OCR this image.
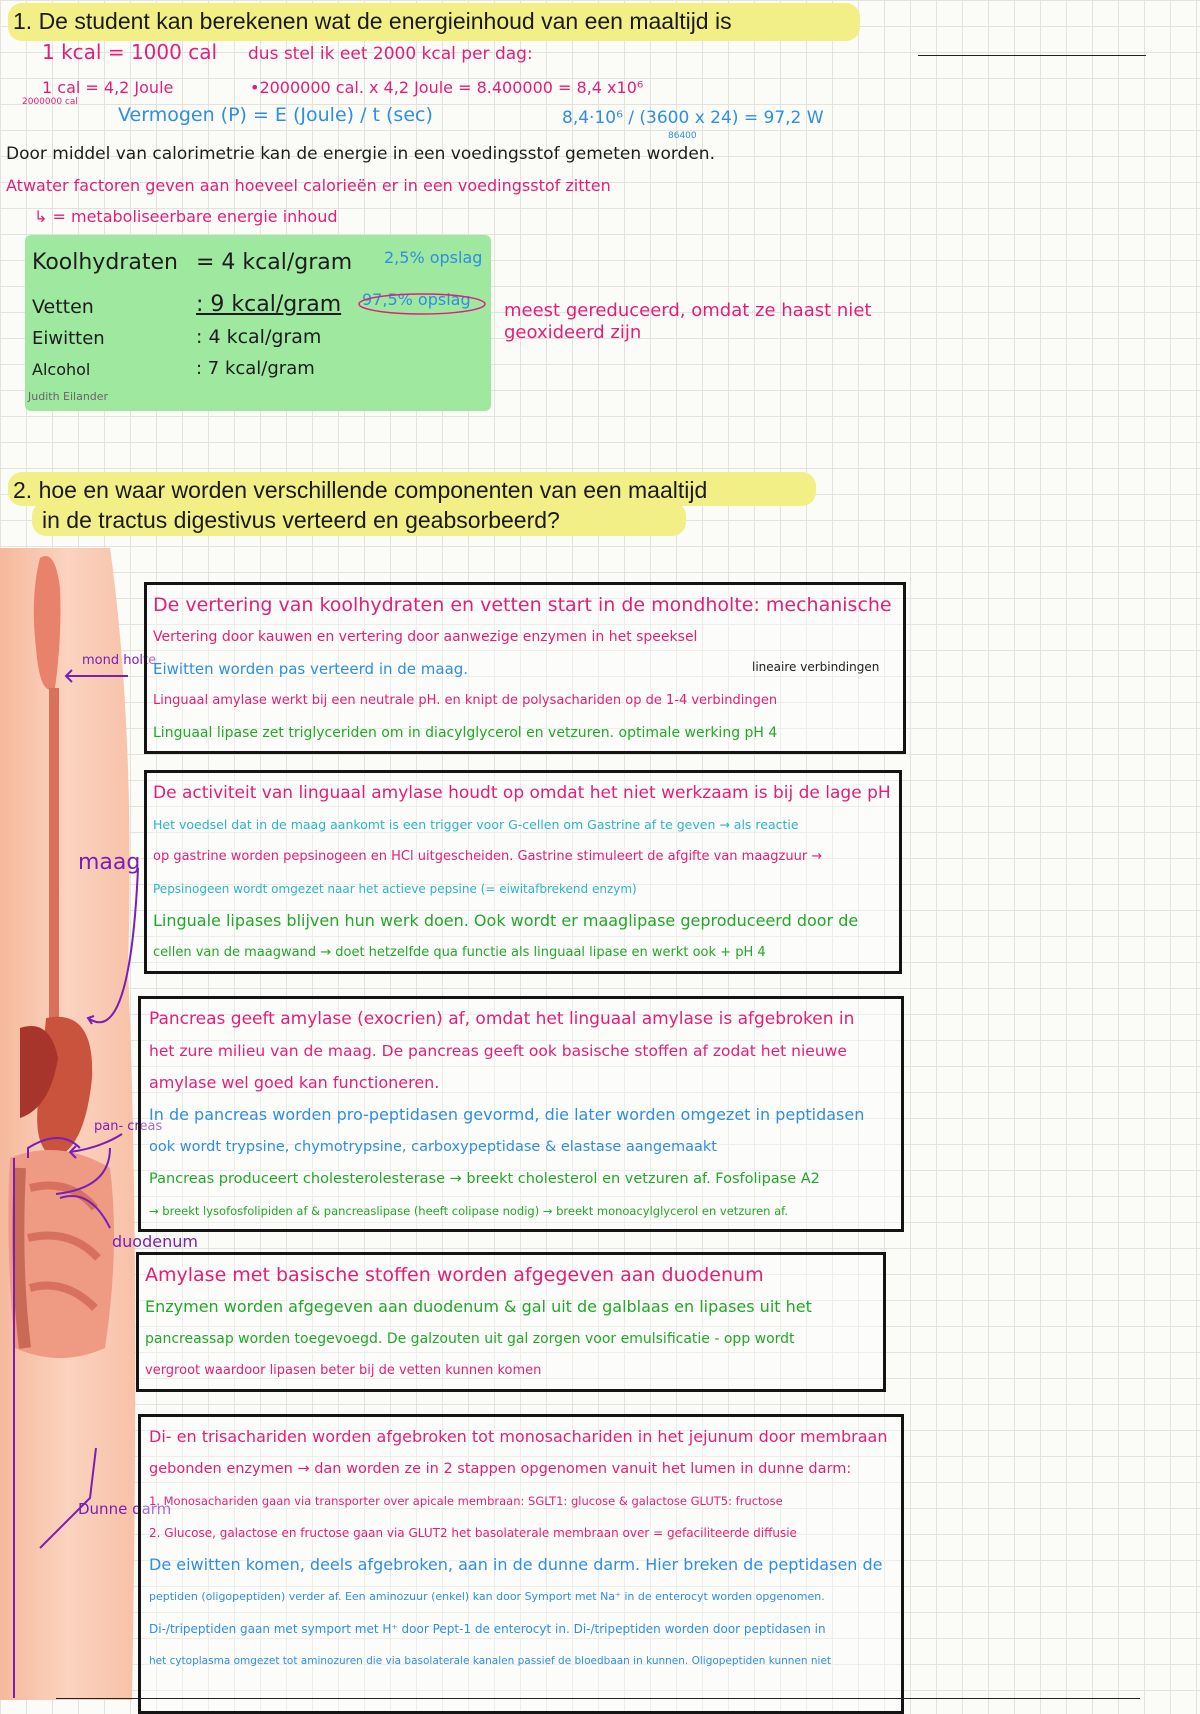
1. De student kan berekenen wat de energieinhoud van een maaltijd is
1 kcal = 1000 cal dus stel ik eet 2000 kcal per dag:
1 cal = 4,2 Joule
2000000 cal
•2000000 cal. x 4,2 Joule = 8.400000 = 8,4 x10⁶
Vermogen (P) = E (Joule) / t (sec)	8,4·10⁶ / (3600 x 24) = 97,2 W
86400
Door middel van calorimetrie kan de energie in een voedingsstof gemeten worden.
Atwater factoren geven aan hoeveel calorieën er in een voedingsstof zitten
↳ = metaboliseerbare energie inhoud
Koolhydraten = 4 kcal/gram 2,5% opslag
Vetten	: 9 kcal/gram 97,5% opslag
Eiwitten	: 4 kcal/gram
Alcohol	: 7 kcal/gram
Judith Eilander
meest gereduceerd, omdat ze haast niet
geoxideerd zijn
2. hoe en waar worden verschillende componenten van een maaltijd
in de tractus digestivus verteerd en geabsorbeerd?
mond holte
maag
pan- creas
duodenum
Dunne darm
De vertering van koolhydraten en vetten start in de mondholte: mechanische
Vertering door kauwen en vertering door aanwezige enzymen in het speeksel
Eiwitten worden pas verteerd in de maag.
Linguaal amylase werkt bij een neutrale pH. en knipt de polysachariden op de 1-4 verbindingen
Linguaal lipase zet triglyceriden om in diacylglycerol en vetzuren. optimale werking pH 4
lineaire verbindingen
De activiteit van linguaal amylase houdt op omdat het niet werkzaam is bij de lage pH
Het voedsel dat in de maag aankomt is een trigger voor G-cellen om Gastrine af te geven → als reactie
op gastrine worden pepsinogeen en HCl uitgescheiden. Gastrine stimuleert de afgifte van maagzuur →
Pepsinogeen wordt omgezet naar het actieve pepsine (= eiwitafbrekend enzym)
Linguale lipases blijven hun werk doen. Ook wordt er maaglipase geproduceerd door de
cellen van de maagwand → doet hetzelfde qua functie als linguaal lipase en werkt ook + pH 4
Pancreas geeft amylase (exocrien) af, omdat het linguaal amylase is afgebroken in
het zure milieu van de maag. De pancreas geeft ook basische stoffen af zodat het nieuwe
amylase wel goed kan functioneren.
In de pancreas worden pro-peptidasen gevormd, die later worden omgezet in peptidasen
ook wordt trypsine, chymotrypsine, carboxypeptidase & elastase aangemaakt
Pancreas produceert cholesterolesterase → breekt cholesterol en vetzuren af. Fosfolipase A2
→ breekt lysofosfolipiden af & pancreaslipase (heeft colipase nodig) → breekt monoacylglycerol en vetzuren af.
Amylase met basische stoffen worden afgegeven aan duodenum
Enzymen worden afgegeven aan duodenum & gal uit de galblaas en lipases uit het
pancreassap worden toegevoegd. De galzouten uit gal zorgen voor emulsificatie - opp wordt
vergroot waardoor lipasen beter bij de vetten kunnen komen
Di- en trisachariden worden afgebroken tot monosachariden in het jejunum door membraan
gebonden enzymen → dan worden ze in 2 stappen opgenomen vanuit het lumen in dunne darm:
1. Monosachariden gaan via transporter over apicale membraan: SGLT1: glucose & galactose GLUT5: fructose
2. Glucose, galactose en fructose gaan via GLUT2 het basolaterale membraan over = gefaciliteerde diffusie
De eiwitten komen, deels afgebroken, aan in de dunne darm. Hier breken de peptidasen de
peptiden (oligopeptiden) verder af. Een aminozuur (enkel) kan door Symport met Na⁺ in de enterocyt worden opgenomen.
Di-/tripeptiden gaan met symport met H⁺ door Pept-1 de enterocyt in. Di-/tripeptiden worden door peptidasen in
het cytoplasma omgezet tot aminozuren die via basolaterale kanalen passief de bloedbaan in kunnen. Oligopeptiden kunnen niet
